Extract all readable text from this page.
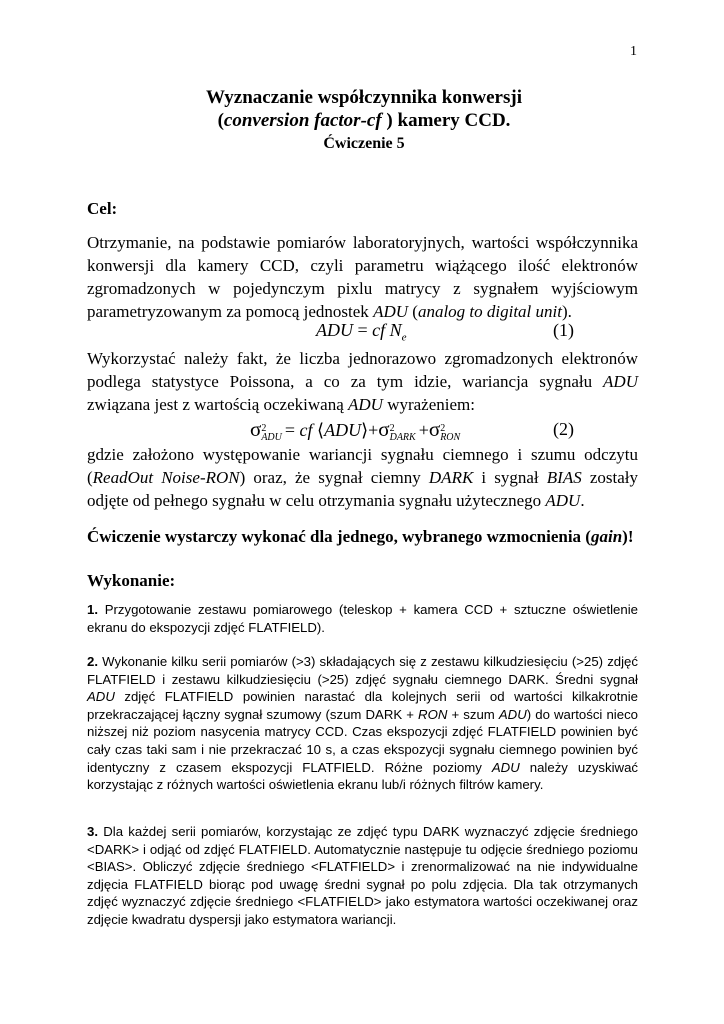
1
Wyznaczanie współczynnika konwersji
(conversion factor-cf ) kamery CCD.
Ćwiczenie 5
Cel:

Otrzymanie, na podstawie pomiarów laboratoryjnych, wartości współczynnika konwersji dla kamery CCD, czyli parametru wiążącego ilość elektronów zgromadzonych w pojedynczym pixlu matrycy z sygnałem wyjściowym parametryzowanym za pomocą jednostek ADU (analog to digital unit).

ADU = cf $N_e$	(1)

Wykorzystać należy fakt, że liczba jednorazowo zgromadzonych elektronów podlega statystyce Poissona, a co za tym idzie, wariancja sygnału ADU związana jest z wartością oczekiwaną ADU wyrażeniem:

σ 2
ADU = cf ⟨ADU⟩+σ 2
DARK +σ 2
RON	(2)

gdzie założono występowanie wariancji sygnału ciemnego i szumu odczytu (ReadOut Noise-RON) oraz, że sygnał ciemny DARK i sygnał BIAS zostały odjęte od pełnego sygnału w celu otrzymania sygnału użytecznego ADU.

Ćwiczenie wystarczy wykonać dla jednego, wybranego wzmocnienia (gain)!

Wykonanie:

1. Przygotowanie zestawu pomiarowego (teleskop + kamera CCD + sztuczne oświetlenie ekranu do ekspozycji zdjęć FLATFIELD).

2. Wykonanie kilku serii pomiarów (>3) składających się z zestawu kilkudziesięciu (>25) zdjęć FLATFIELD i zestawu kilkudziesięciu (>25) zdjęć sygnału ciemnego DARK. Średni sygnał ADU zdjęć FLATFIELD powinien narastać dla kolejnych serii od wartości kilkakrotnie przekraczającej łączny sygnał szumowy (szum DARK + RON + szum ADU) do wartości nieco niższej niż poziom nasycenia matrycy CCD. Czas ekspozycji zdjęć FLATFIELD powinien być cały czas taki sam i nie przekraczać 10 s, a czas ekspozycji sygnału ciemnego powinien być identyczny z czasem ekspozycji FLATFIELD. Różne poziomy ADU należy uzyskiwać korzystając z różnych wartości oświetlenia ekranu lub/i różnych filtrów kamery.

3. Dla każdej serii pomiarów, korzystając ze zdjęć typu DARK wyznaczyć zdjęcie średniego <DARK> i odjąć od zdjęć FLATFIELD. Automatycznie następuje tu odjęcie średniego poziomu <BIAS>. Obliczyć zdjęcie średniego <FLATFIELD> i zrenormalizować na nie indywidualne zdjęcia FLATFIELD biorąc pod uwagę średni sygnał po polu zdjęcia. Dla tak otrzymanych zdjęć wyznaczyć zdjęcie średniego <FLATFIELD> jako estymatora wartości oczekiwanej oraz zdjęcie kwadratu dyspersji jako estymatora wariancji.
